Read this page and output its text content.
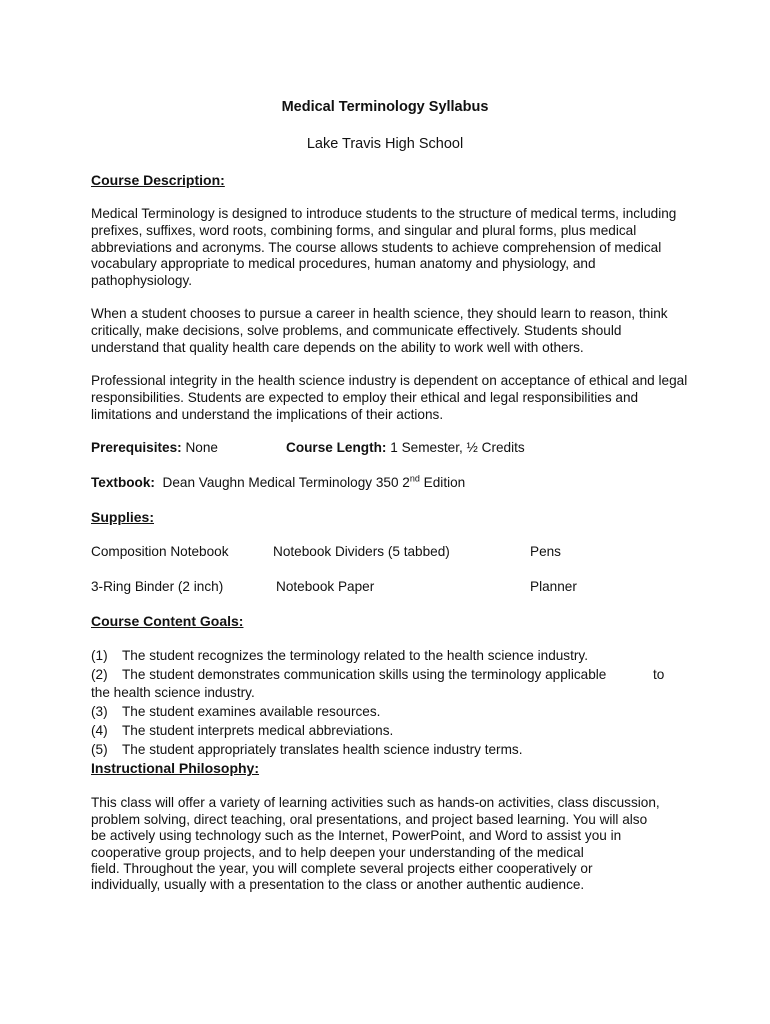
Medical Terminology Syllabus
Lake Travis High School
Course Description:

Medical Terminology is designed to introduce students to the structure of medical terms, including prefixes, suffixes, word roots, combining forms, and singular and plural forms, plus medical abbreviations and acronyms. The course allows students to achieve comprehension of medical vocabulary appropriate to medical procedures, human anatomy and physiology, and pathophysiology.

When a student chooses to pursue a career in health science, they should learn to reason, think critically, make decisions, solve problems, and communicate effectively. Students should understand that quality health care depends on the ability to work well with others.

Professional integrity in the health science industry is dependent on acceptance of ethical and legal responsibilities. Students are expected to employ their ethical and legal responsibilities and limitations and understand the implications of their actions.

Prerequisites: None	Course Length: 1 Semester, ½ Credits
Textbook:  Dean Vaughn Medical Terminology 350 2nd Edition
Supplies:
Composition Notebook	Notebook Dividers (5 tabbed)	Pens
3-Ring Binder (2 inch)	Notebook Paper	Planner
Course Content Goals:
(1) The student recognizes the terminology related to the health science industry.
(2) The student demonstrates communication skills using the terminology applicable	to
the health science industry.
(3) The student examines available resources.
(4) The student interprets medical abbreviations.
(5) The student appropriately translates health science industry terms.
Instructional Philosophy:
This class will offer a variety of learning activities such as hands-on activities, class discussion,
problem solving, direct teaching, oral presentations, and project based learning. You will also
be actively using technology such as the Internet, PowerPoint, and Word to assist you in
cooperative group projects, and to help deepen your understanding of the medical
field. Throughout the year, you will complete several projects either cooperatively or
individually, usually with a presentation to the class or another authentic audience.
